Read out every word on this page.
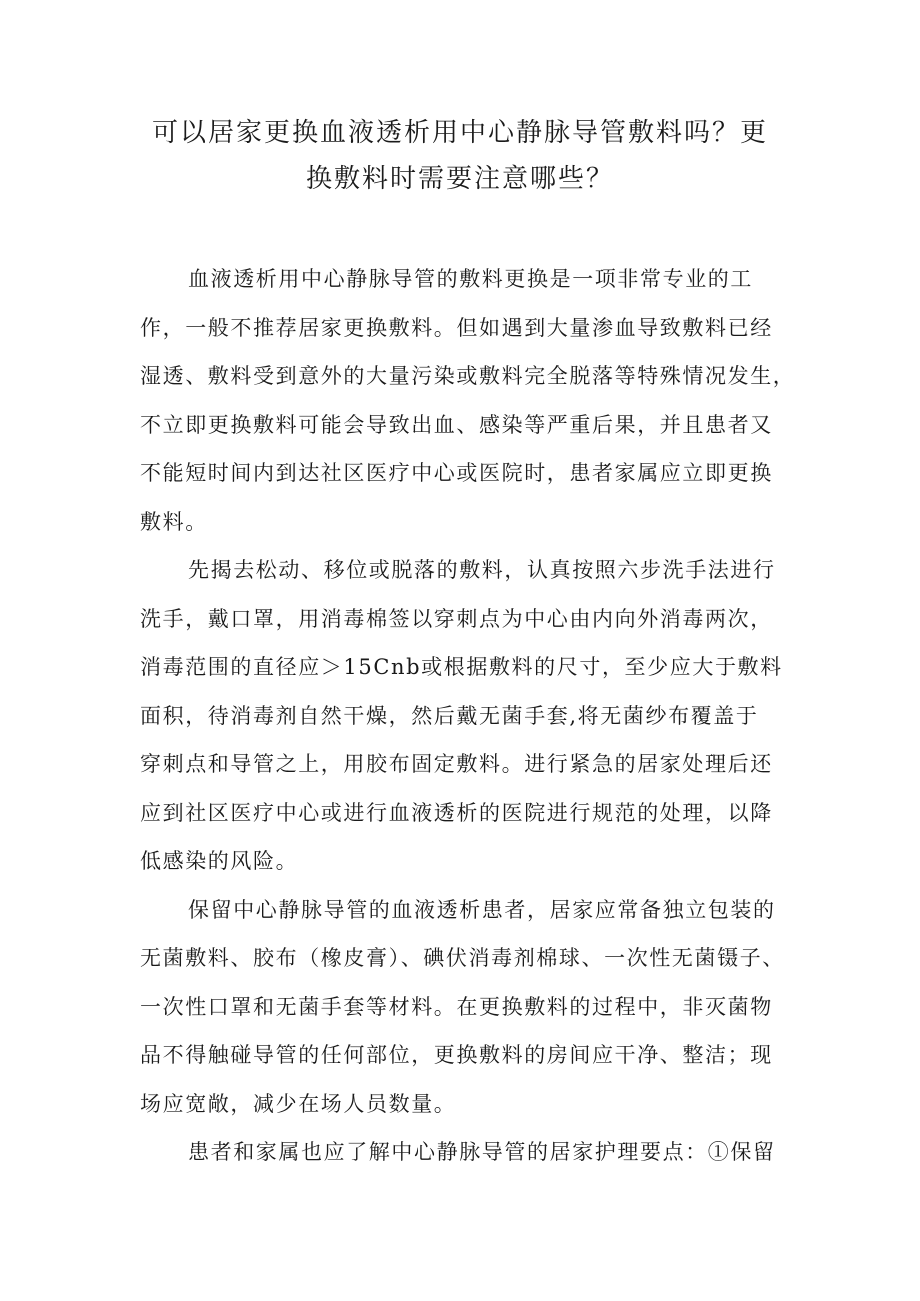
可以居家更换血液透析用中心静脉导管敷料吗？更
换敷料时需要注意哪些？
血液透析用中心静脉导管的敷料更换是一项非常专业的工
作，一般不推荐居家更换敷料。但如遇到大量渗血导致敷料已经
湿透、敷料受到意外的大量污染或敷料完全脱落等特殊情况发生，
不立即更换敷料可能会导致出血、感染等严重后果，并且患者又
不能短时间内到达社区医疗中心或医院时，患者家属应立即更换
敷料。
先揭去松动、移位或脱落的敷料，认真按照六步洗手法进行
洗手，戴口罩，用消毒棉签以穿刺点为中心由内向外消毒两次，
消毒范围的直径应＞15Cnb或根据敷料的尺寸，至少应大于敷料
面积，待消毒剂自然干燥，然后戴无菌手套,将无菌纱布覆盖于
穿刺点和导管之上，用胶布固定敷料。进行紧急的居家处理后还
应到社区医疗中心或进行血液透析的医院进行规范的处理，以降
低感染的风险。
保留中心静脉导管的血液透析患者，居家应常备独立包装的
无菌敷料、胶布（橡皮膏）、碘伏消毒剂棉球、一次性无菌镊子、
一次性口罩和无菌手套等材料。在更换敷料的过程中，非灭菌物
品不得触碰导管的任何部位，更换敷料的房间应干净、整洁；现
场应宽敞，减少在场人员数量。
患者和家属也应了解中心静脉导管的居家护理要点：①保留
